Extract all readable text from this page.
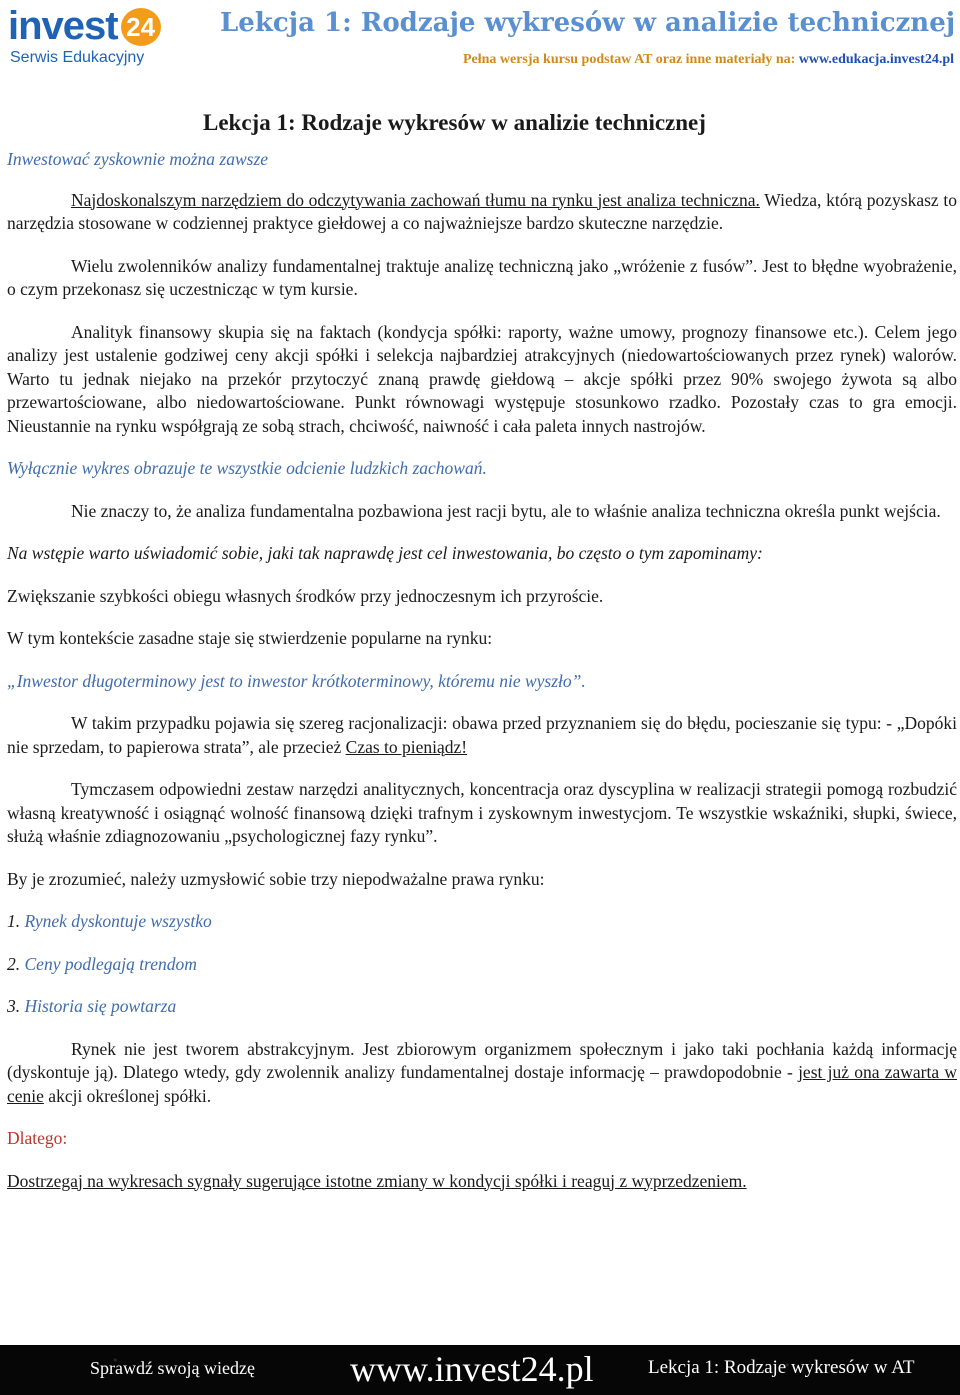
invest 24
Serwis Edukacyjny
Lekcja 1: Rodzaje wykresów w analizie technicznej
Pełna wersja kursu podstaw AT oraz inne materiały na: www.edukacja.invest24.pl
Lekcja 1: Rodzaje wykresów w analizie technicznej
Inwestować zyskownie można zawsze

Najdoskonalszym narzędziem do odczytywania zachowań tłumu na rynku jest analiza techniczna. Wiedza, którą pozyskasz to narzędzia stosowane w codziennej praktyce giełdowej a co najważniejsze bardzo skuteczne narzędzie.

Wielu zwolenników analizy fundamentalnej traktuje analizę techniczną jako „wróżenie z fusów”. Jest to błędne wyobrażenie, o czym przekonasz się uczestnicząc w tym kursie.

Analityk finansowy skupia się na faktach (kondycja spółki: raporty, ważne umowy, prognozy finansowe etc.). Celem jego analizy jest ustalenie godziwej ceny akcji spółki i selekcja najbardziej atrakcyjnych (niedowartościowanych przez rynek) walorów. Warto tu jednak niejako na przekór przytoczyć znaną prawdę giełdową – akcje spółki przez 90% swojego żywota są albo przewartościowane, albo niedowartościowane. Punkt równowagi występuje stosunkowo rzadko. Pozostały czas to gra emocji. Nieustannie na rynku współgrają ze sobą strach, chciwość, naiwność i cała paleta innych nastrojów.

Wyłącznie wykres obrazuje te wszystkie odcienie ludzkich zachowań.

Nie znaczy to, że analiza fundamentalna pozbawiona jest racji bytu, ale to właśnie analiza techniczna określa punkt wejścia.

Na wstępie warto uświadomić sobie, jaki tak naprawdę jest cel inwestowania, bo często o tym zapominamy:

Zwiększanie szybkości obiegu własnych środków przy jednoczesnym ich przyroście.

W tym kontekście zasadne staje się stwierdzenie popularne na rynku:

„Inwestor długoterminowy jest to inwestor krótkoterminowy, któremu nie wyszło”.

W takim przypadku pojawia się szereg racjonalizacji: obawa przed przyznaniem się do błędu, pocieszanie się typu: - „Dopóki nie sprzedam, to papierowa strata”, ale przecież Czas to pieniądz!

Tymczasem odpowiedni zestaw narzędzi analitycznych, koncentracja oraz dyscyplina w realizacji strategii pomogą rozbudzić własną kreatywność i osiągnąć wolność finansową dzięki trafnym i zyskownym inwestycjom. Te wszystkie wskaźniki, słupki, świece, służą właśnie zdiagnozowaniu „psychologicznej fazy rynku”.

By je zrozumieć, należy uzmysłowić sobie trzy niepodważalne prawa rynku:

1. Rynek dyskontuje wszystko

2. Ceny podlegają trendom

3. Historia się powtarza

Rynek nie jest tworem abstrakcyjnym. Jest zbiorowym organizmem społecznym i jako taki pochłania każdą informację (dyskontuje ją). Dlatego wtedy, gdy zwolennik analizy fundamentalnej dostaje informację – prawdopodobnie - jest już ona zawarta w cenie akcji określonej spółki.

Dlatego:

Dostrzegaj na wykresach sygnały sugerujące istotne zmiany w kondycji spółki i reaguj z wyprzedzeniem.

Sprawdź swoją wiedzę	www.invest24.pl	Lekcja 1: Rodzaje wykresów w AT
